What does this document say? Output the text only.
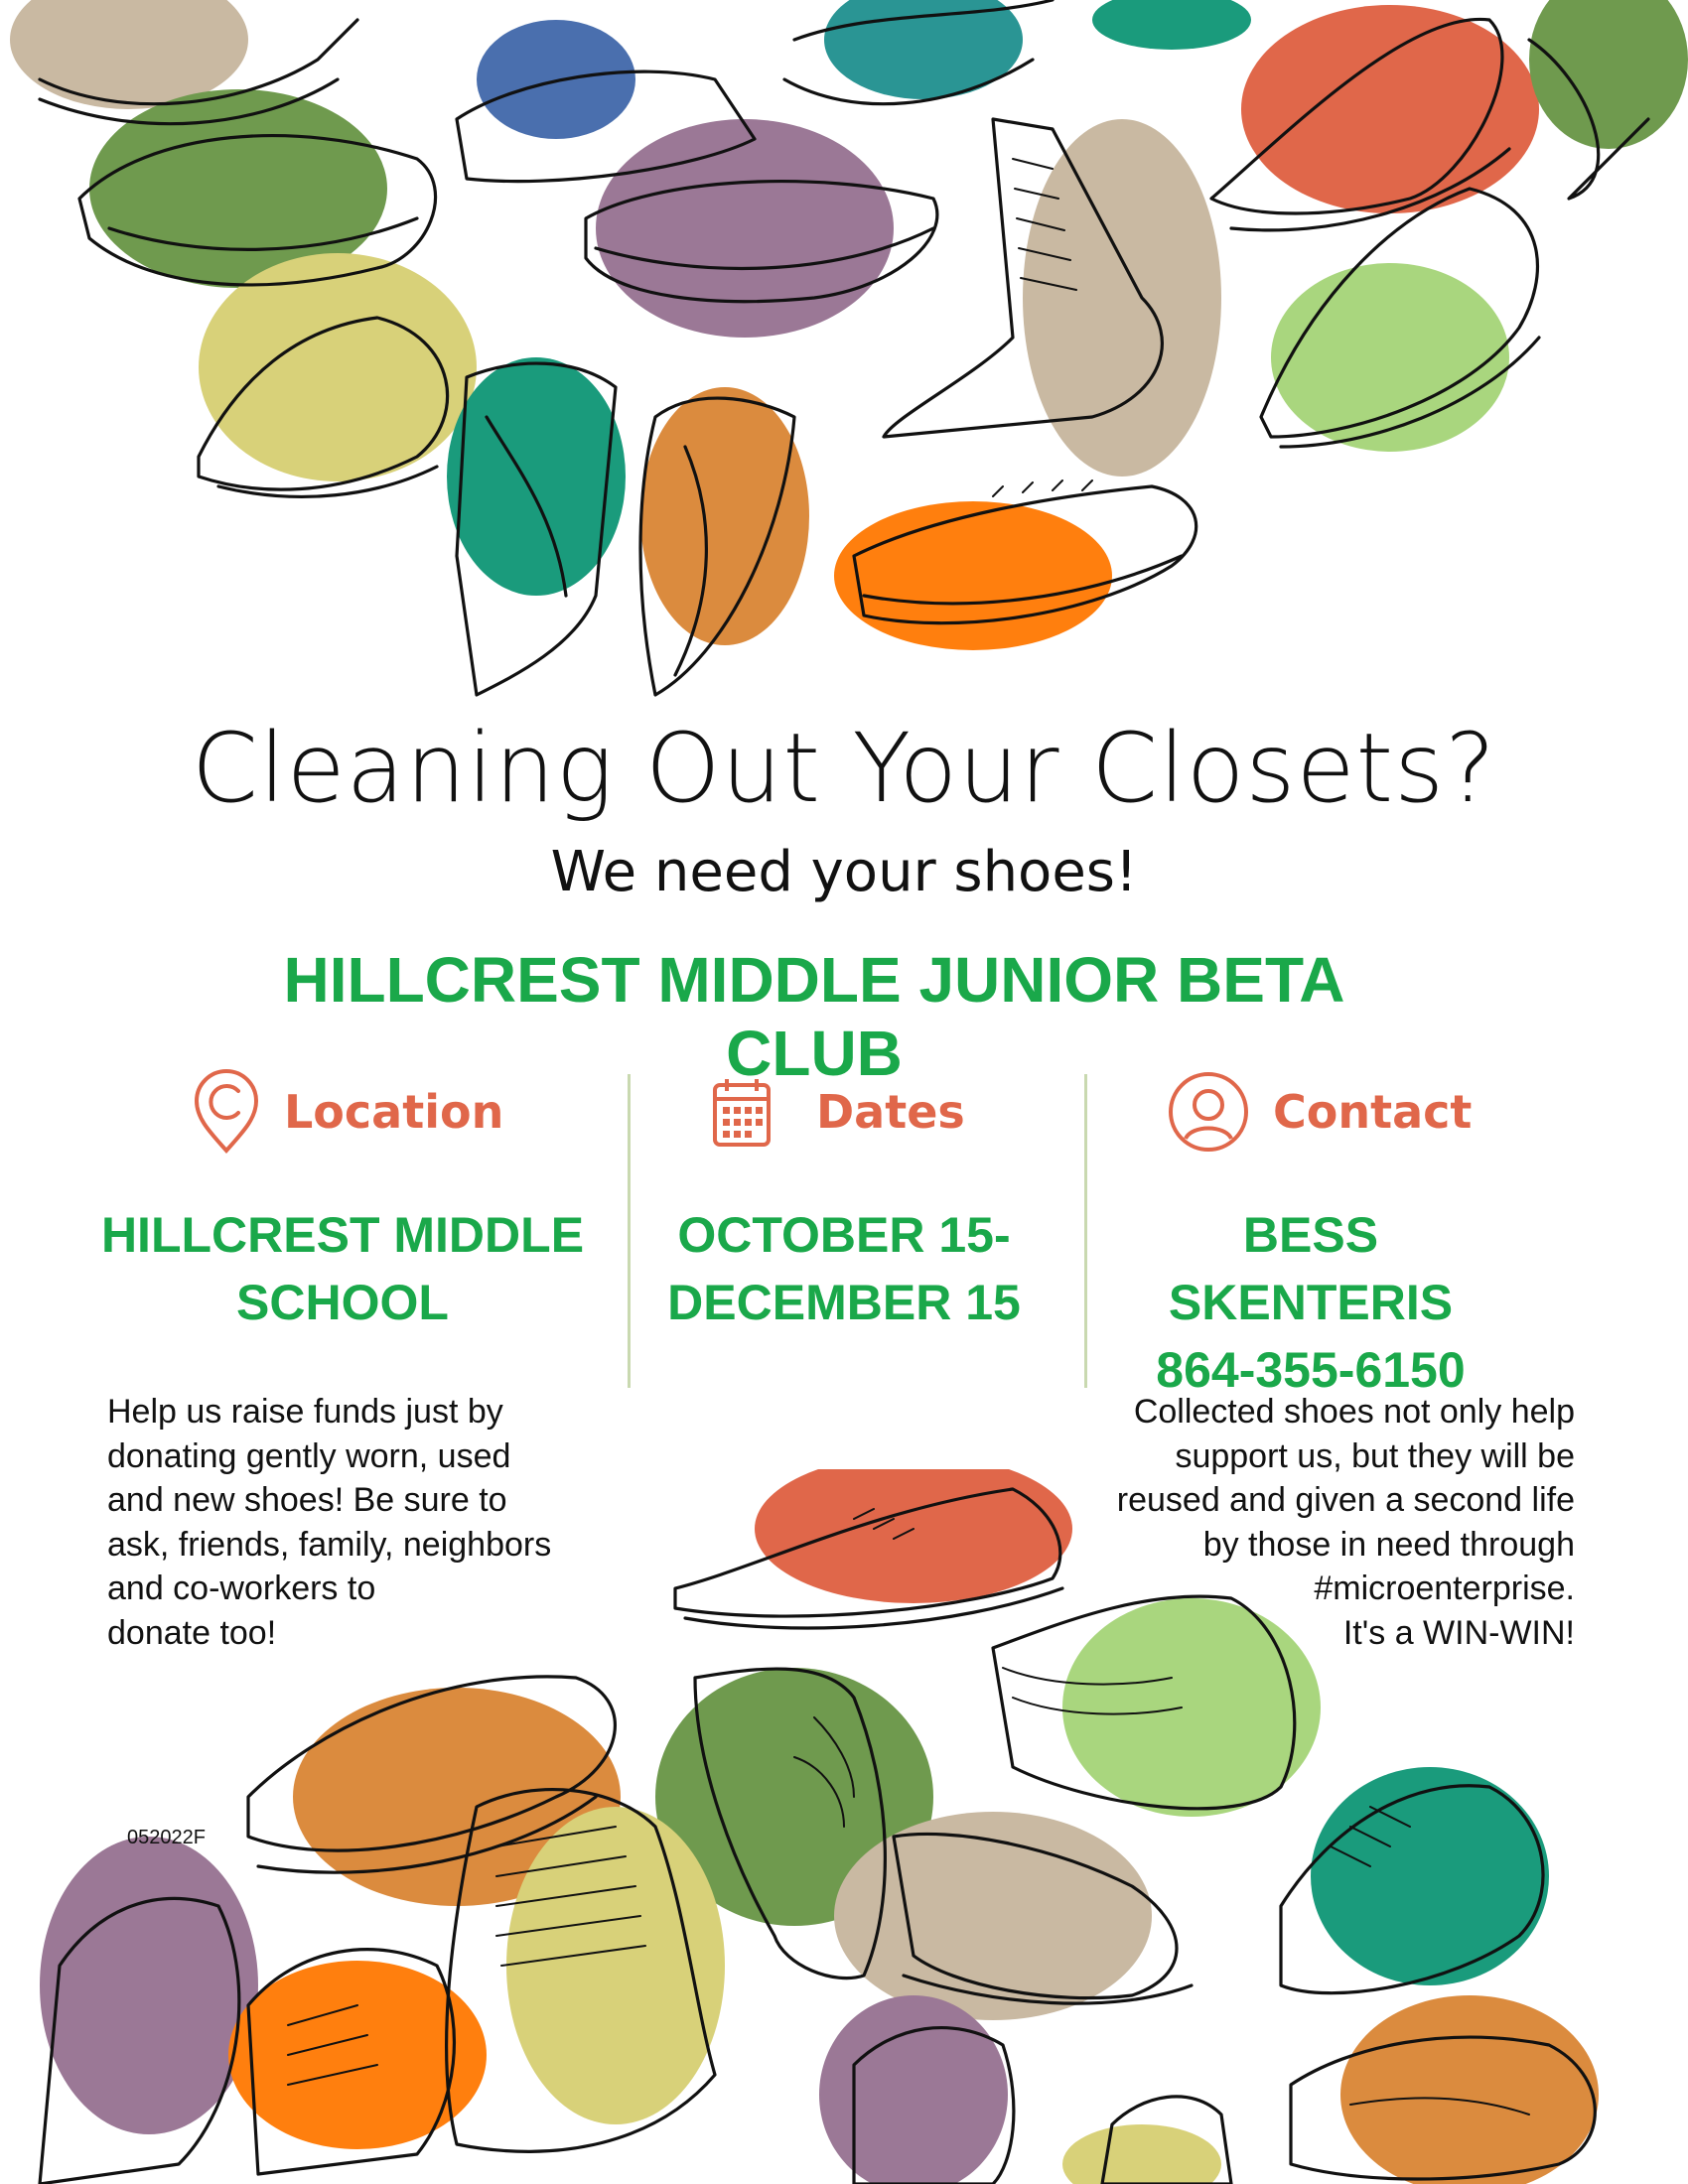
Cleaning Out Your Closets?
We need your shoes!
HILLCREST MIDDLE JUNIOR BETA CLUB
Location
HILLCREST MIDDLE
SCHOOL
Dates
OCTOBER 15-
DECEMBER 15
Contact
BESS SKENTERIS
864-355-6150
Help us raise funds just by
donating gently worn, used
and new shoes! Be sure to
ask, friends, family, neighbors
and co-workers to
donate too!
Collected shoes not only help
support us, but they will be
reused and given a second life
by those in need through
#microenterprise.
It's a WIN-WIN!
052022F
